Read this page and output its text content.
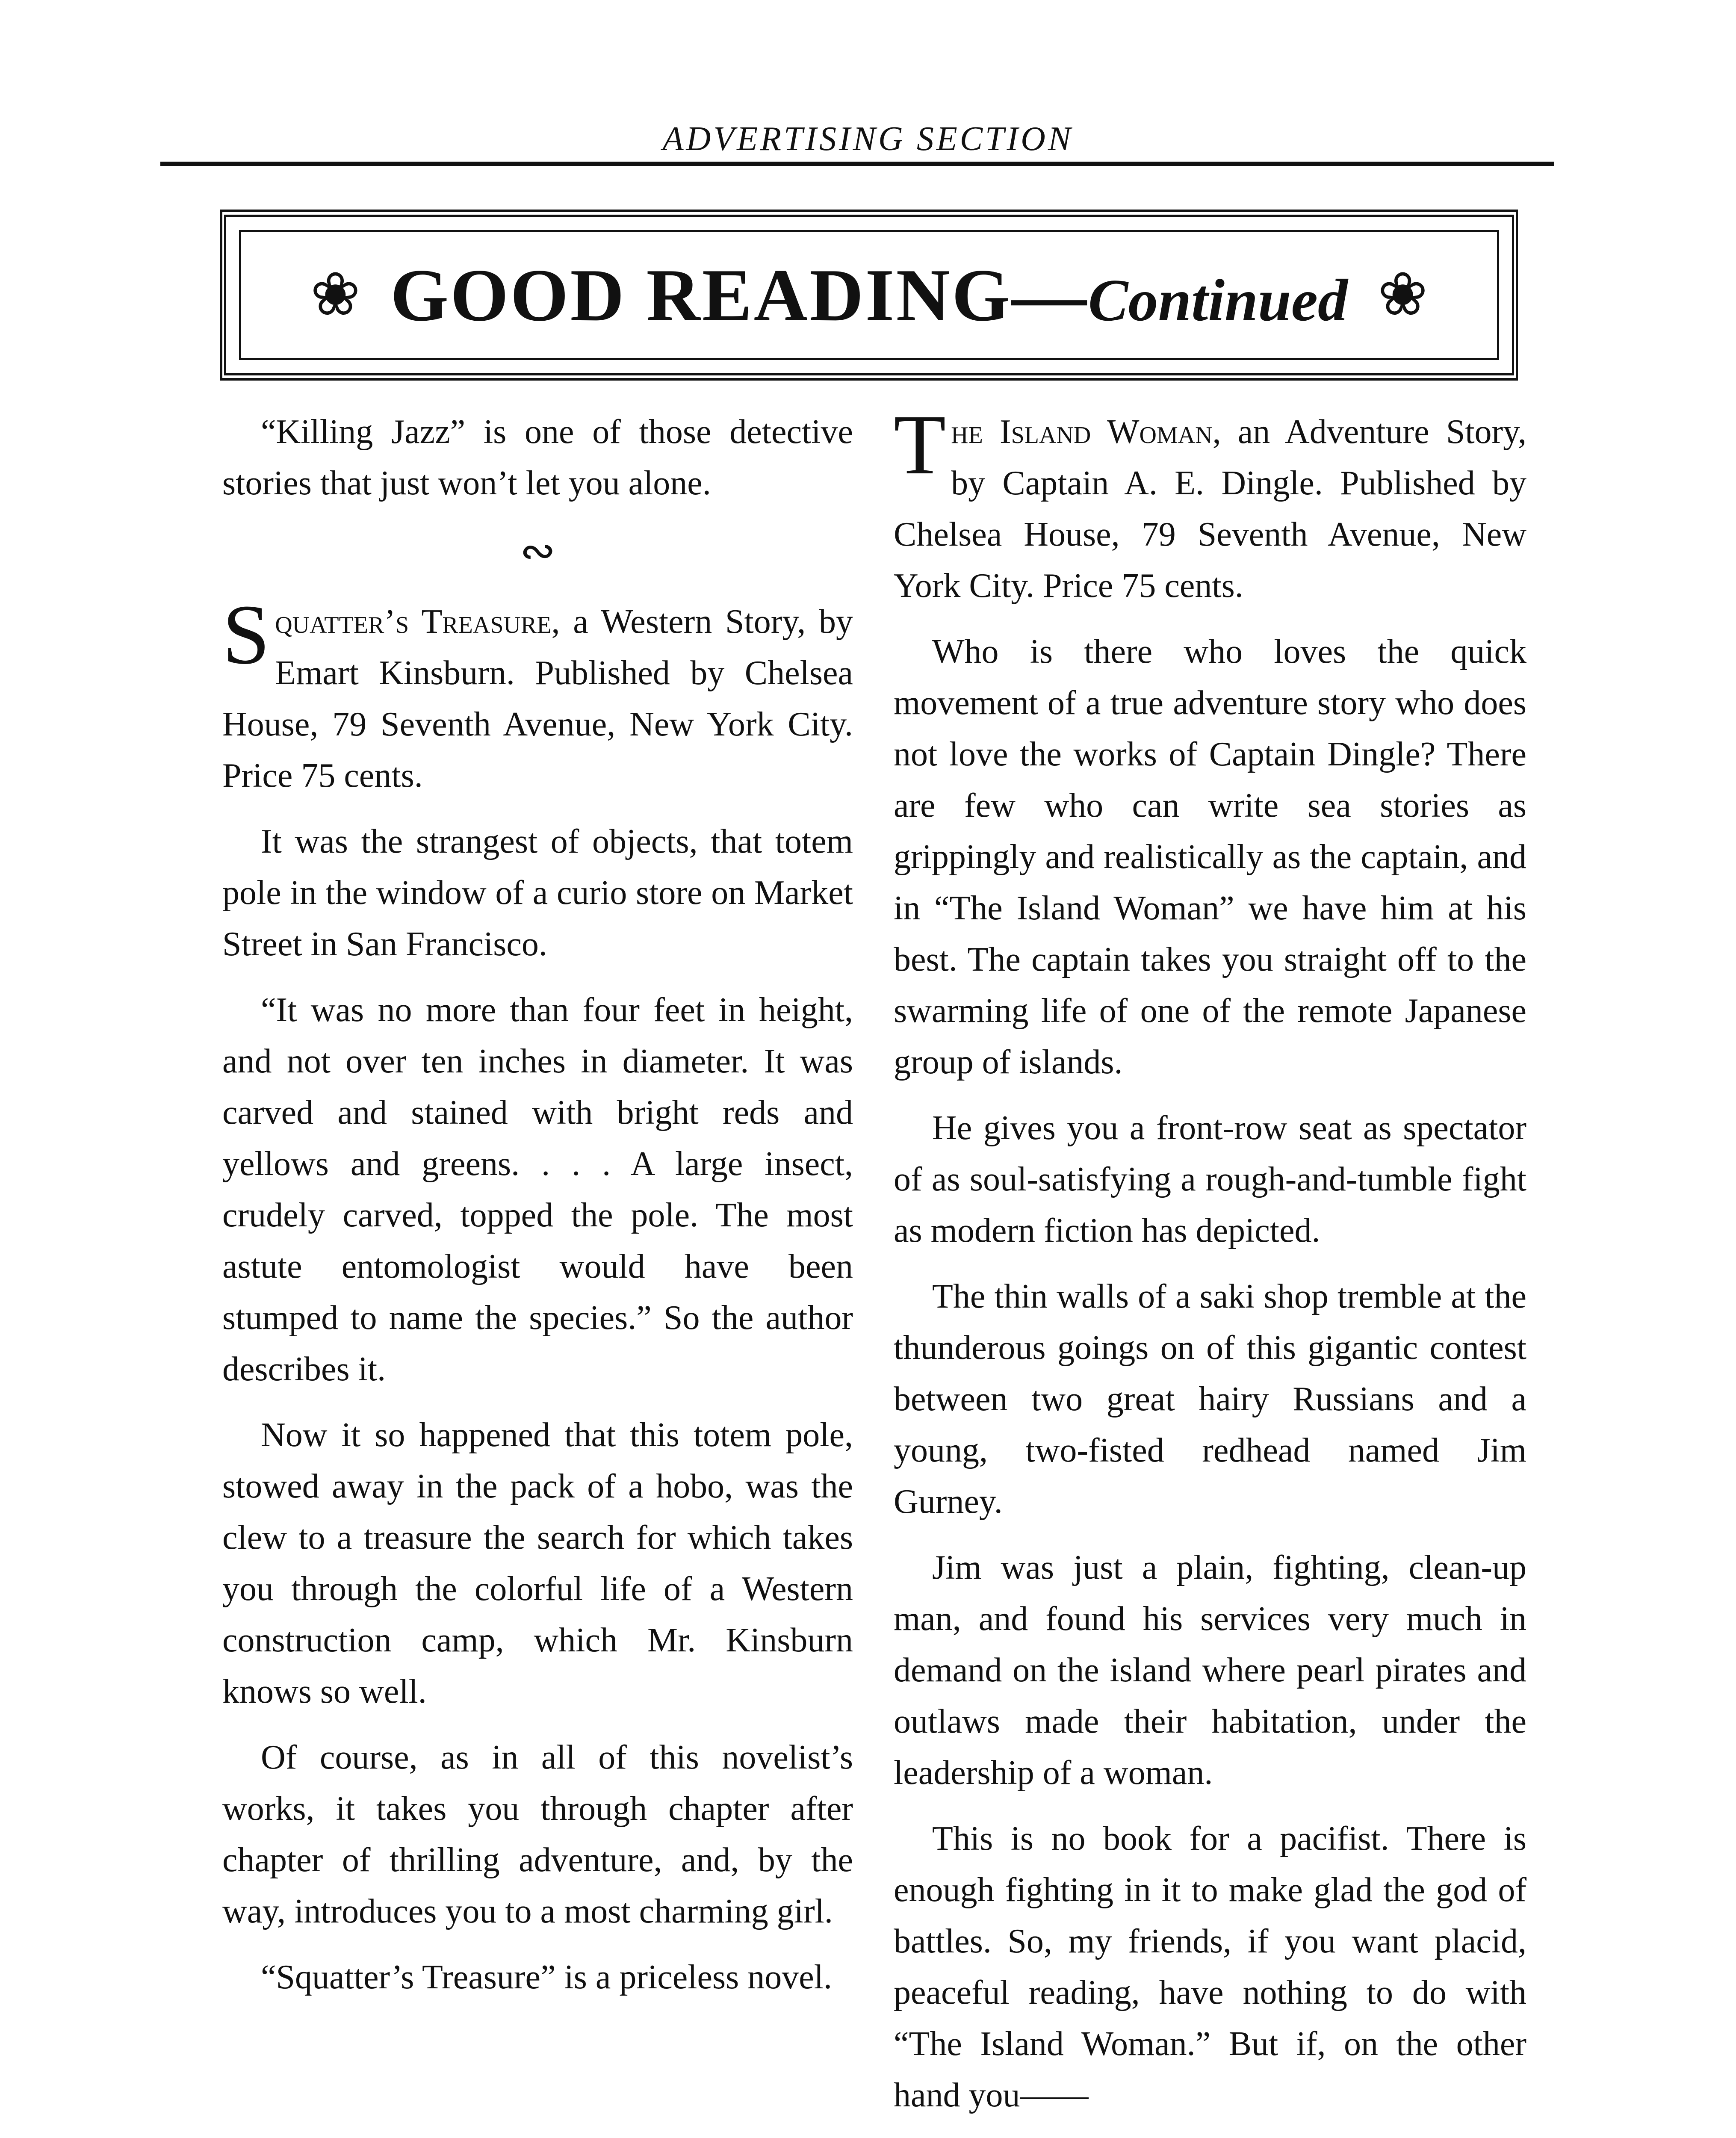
ADVERTISING SECTION
❀ GOOD READING—Continued ❀

“Killing Jazz” is one of those detective stories that just won’t let you alone.

∾

Squatter’s Treasure, a Western Story, by Emart Kinsburn. Published by Chelsea House, 79 Seventh Avenue, New York City. Price 75 cents.

It was the strangest of objects, that totem pole in the window of a curio store on Market Street in San Francisco.

“It was no more than four feet in height, and not over ten inches in diameter. It was carved and stained with bright reds and yellows and greens. . . . A large insect, crudely carved, topped the pole. The most astute entomologist would have been stumped to name the species.” So the author describes it.

Now it so happened that this totem pole, stowed away in the pack of a hobo, was the clew to a treasure the search for which takes you through the colorful life of a Western construction camp, which Mr. Kinsburn knows so well.

Of course, as in all of this novelist’s works, it takes you through chapter after chapter of thrilling adventure, and, by the way, introduces you to a most charming girl.

“Squatter’s Treasure” is a priceless novel.

The Island Woman, an Adventure Story, by Captain A. E. Dingle. Published by Chelsea House, 79 Seventh Avenue, New York City. Price 75 cents.

Who is there who loves the quick movement of a true adventure story who does not love the works of Captain Dingle? There are few who can write sea stories as grippingly and realistically as the captain, and in “The Island Woman” we have him at his best. The captain takes you straight off to the swarming life of one of the remote Japanese group of islands.

He gives you a front-row seat as spectator of as soul-satisfying a rough-and-tumble fight as modern fiction has depicted.

The thin walls of a saki shop tremble at the thunderous goings on of this gigantic contest between two great hairy Russians and a young, two-fisted redhead named Jim Gurney.

Jim was just a plain, fighting, clean-up man, and found his services very much in demand on the island where pearl pirates and outlaws made their habitation, under the leadership of a woman.

This is no book for a pacifist. There is enough fighting in it to make glad the god of battles. So, my friends, if you want placid, peaceful reading, have nothing to do with “The Island Woman.” But if, on the other hand you——
